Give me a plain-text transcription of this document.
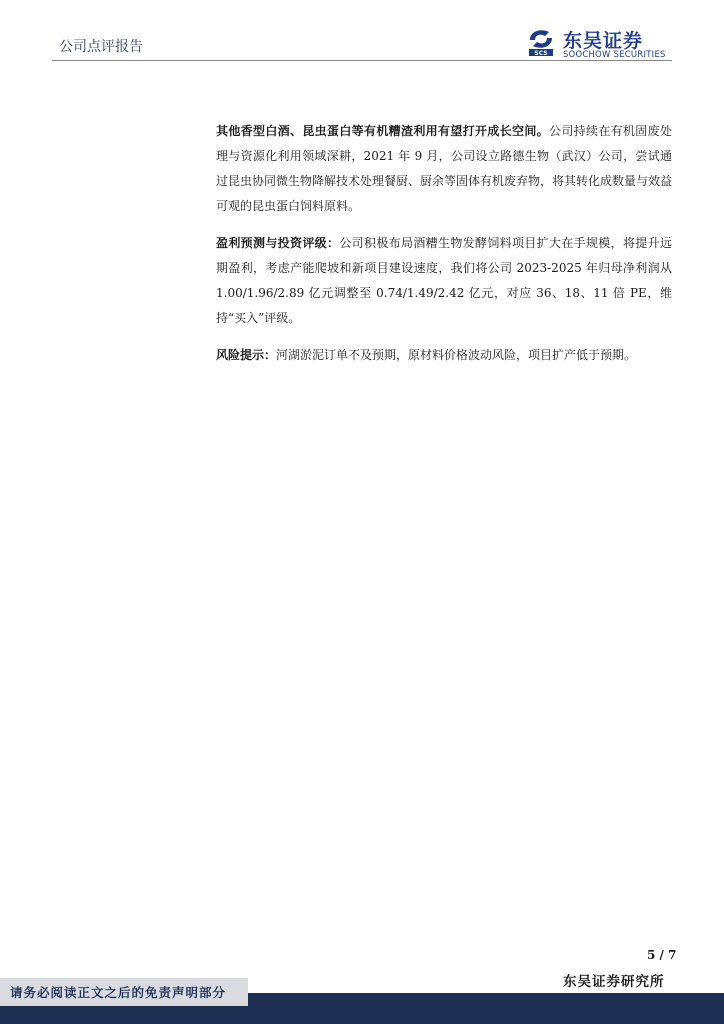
公司点评报告	SCS
东吴证券
SOOCHOW SECURITIES

其他香型白酒、昆虫蛋白等有机糟渣利用有望打开成长空间。公司持续在有机固废处理与资源化利用领域深耕，2021 年 9 月，公司设立路德生物（武汉）公司，尝试通过昆虫协同微生物降解技术处理餐厨、厨余等固体有机废弃物，将其转化成数量与效益可观的昆虫蛋白饲料原料。

盈利预测与投资评级：公司积极布局酒糟生物发酵饲料项目扩大在手规模，将提升远期盈利，考虑产能爬坡和新项目建设速度，我们将公司 2023-2025 年归母净利润从 1.00/1.96/2.89 亿元调整至 0.74/1.49/2.42 亿元，对应 36、18、11 倍 PE，维持“买入”评级。

风险提示：河湖淤泥订单不及预期，原材料价格波动风险，项目扩产低于预期。

5 / 7
东吴证券研究所
请务必阅读正文之后的免责声明部分
